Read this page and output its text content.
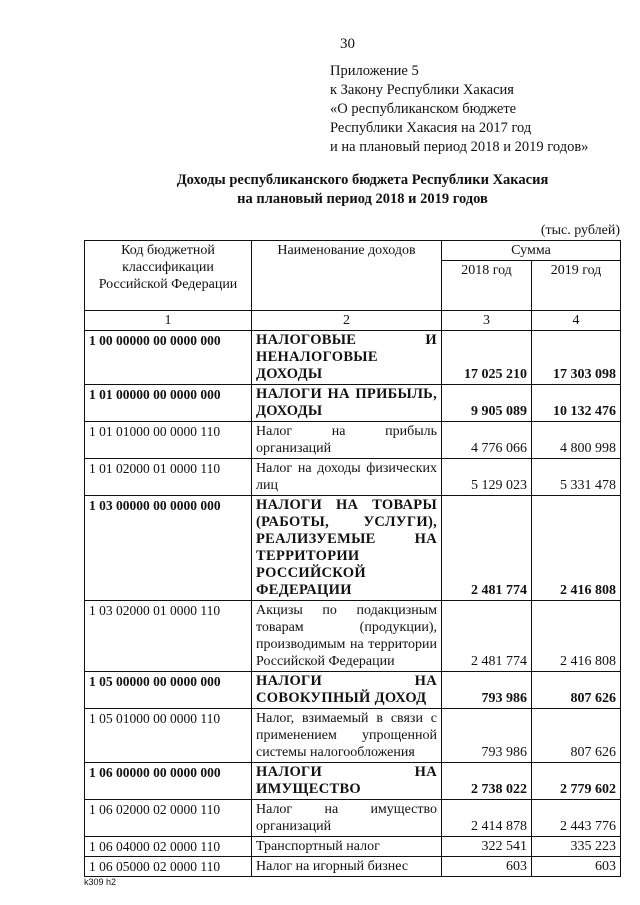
30
Приложение 5
к Закону Республики Хакасия
«О республиканском бюджете
Республики Хакасия на 2017 год
и на плановый период 2018 и 2019 годов»
Доходы республиканского бюджета Республики Хакасия
на плановый период 2018 и 2019 годов
(тыс. рублей)
Код бюджетной классификации Российской Федерации	Наименование доходов	Сумма	
		2018 год	2019 год
1	2	3	4
1 00 00000 00 0000 000	НАЛОГОВЫЕ И НЕНАЛОГОВЫЕ ДОХОДЫ	17 025 210	17 303 098
1 01 00000 00 0000 000	НАЛОГИ НА ПРИБЫЛЬ, ДОХОДЫ	9 905 089	10 132 476
1 01 01000 00 0000 110	Налог на прибыль организаций	4 776 066	4 800 998
1 01 02000 01 0000 110	Налог на доходы физических лиц	5 129 023	5 331 478
1 03 00000 00 0000 000	НАЛОГИ НА ТОВАРЫ (РАБОТЫ, УСЛУГИ), РЕАЛИЗУЕМЫЕ НА ТЕРРИТОРИИ РОССИЙСКОЙ ФЕДЕРАЦИИ	2 481 774	2 416 808
1 03 02000 01 0000 110	Акцизы по подакцизным товарам (продукции), производимым на территории Российской Федерации	2 481 774	2 416 808
1 05 00000 00 0000 000	НАЛОГИ НА СОВОКУПНЫЙ ДОХОД	793 986	807 626
1 05 01000 00 0000 110	Налог, взимаемый в связи с применением упрощенной системы налогообложения	793 986	807 626
1 06 00000 00 0000 000	НАЛОГИ НА ИМУЩЕСТВО	2 738 022	2 779 602
1 06 02000 02 0000 110	Налог на имущество организаций	2 414 878	2 443 776
1 06 04000 02 0000 110	Транспортный налог	322 541	335 223
1 06 05000 02 0000 110	Налог на игорный бизнес	603	603
k309 h2
